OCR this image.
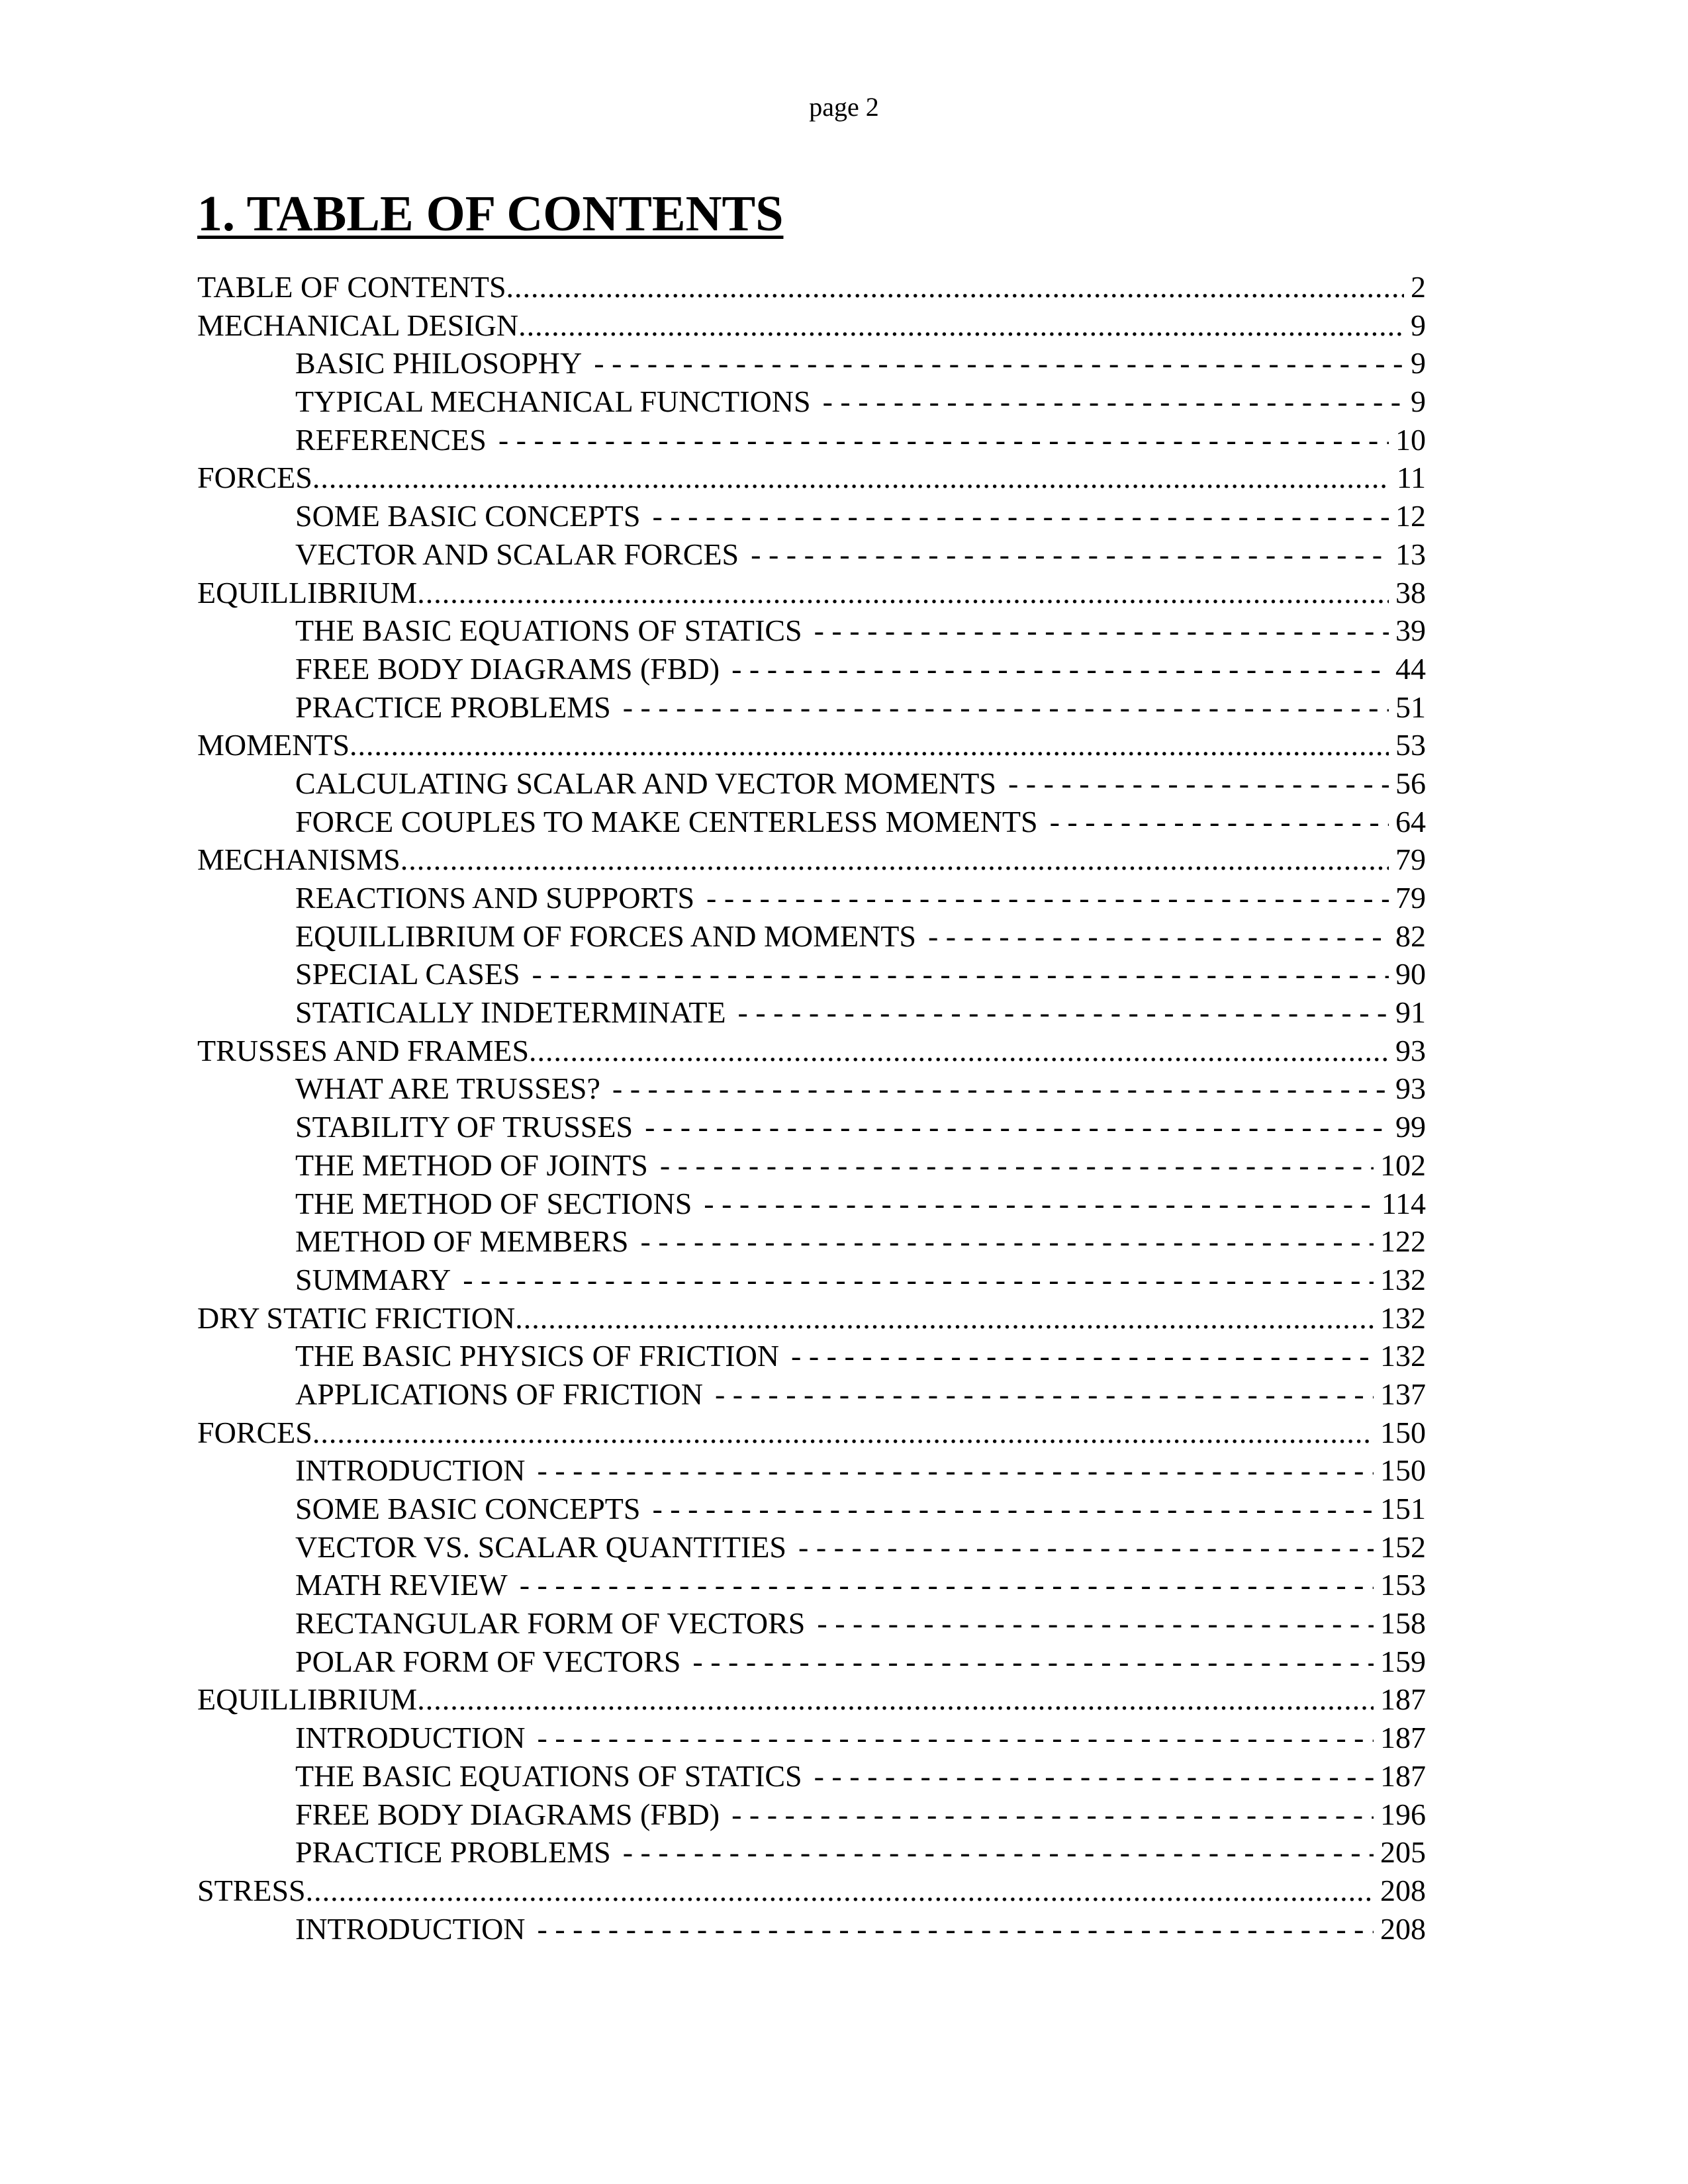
page 2
1. TABLE OF CONTENTS
TABLE OF CONTENTS .....	2
MECHANICAL DESIGN .....	9
BASIC PHILOSOPHY - - -	9
TYPICAL MECHANICAL FUNCTIONS - - -	9
REFERENCES - - -	10
FORCES .....	11
SOME BASIC CONCEPTS - - -	12
VECTOR AND SCALAR FORCES - - -	13
EQUILLIBRIUM .....	38
THE BASIC EQUATIONS OF STATICS - - -	39
FREE BODY DIAGRAMS (FBD) - - -	44
PRACTICE PROBLEMS - - -	51
MOMENTS .....	53
CALCULATING SCALAR AND VECTOR MOMENTS - - -	56
FORCE COUPLES TO MAKE CENTERLESS MOMENTS - - -	64
MECHANISMS .....	79
REACTIONS AND SUPPORTS - - -	79
EQUILLIBRIUM OF FORCES AND MOMENTS - - -	82
SPECIAL CASES - - -	90
STATICALLY INDETERMINATE - - -	91
TRUSSES AND FRAMES .....	93
WHAT ARE TRUSSES? - - -	93
STABILITY OF TRUSSES - - -	99
THE METHOD OF JOINTS - - -	102
THE METHOD OF SECTIONS - - -	114
METHOD OF MEMBERS - - -	122
SUMMARY - - -	132
DRY STATIC FRICTION .....	132
THE BASIC PHYSICS OF FRICTION - - -	132
APPLICATIONS OF FRICTION - - -	137
FORCES .....	150
INTRODUCTION - - -	150
SOME BASIC CONCEPTS - - -	151
VECTOR VS. SCALAR QUANTITIES - - -	152
MATH REVIEW - - -	153
RECTANGULAR FORM OF VECTORS - - -	158
POLAR FORM OF VECTORS - - -	159
EQUILLIBRIUM .....	187
INTRODUCTION - - -	187
THE BASIC EQUATIONS OF STATICS - - -	187
FREE BODY DIAGRAMS (FBD) - - -	196
PRACTICE PROBLEMS - - -	205
STRESS .....	208
INTRODUCTION - - -	208
